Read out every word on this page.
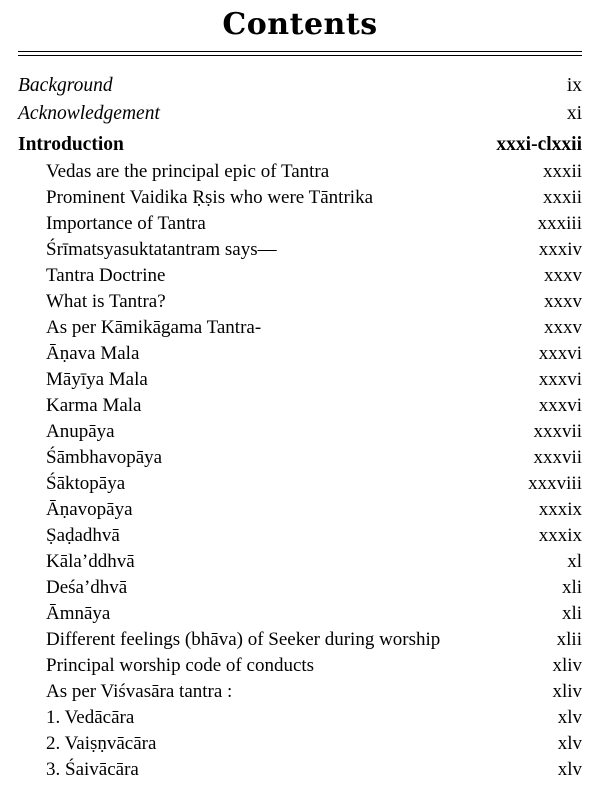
Contents
Background	ix
Acknowledgement	xi
Introduction	xxxi-clxxii
Vedas are the principal epic of Tantra	xxxii
Prominent Vaidika Ṛṣis who were Tāntrika	xxxii
Importance of Tantra	xxxiii
Śrīmatsyasuktatantram says—	xxxiv
Tantra Doctrine	xxxv
What is Tantra?	xxxv
As per Kāmikāgama Tantra-	xxxv
Āṇava Mala	xxxvi
Māyīya Mala	xxxvi
Karma Mala	xxxvi
Anupāya	xxxvii
Śāmbhavopāya	xxxvii
Śāktopāya	xxxviii
Āṇavopāya	xxxix
Ṣaḍadhvā	xxxix
Kāla’ddhvā	xl
Deśa’dhvā	xli
Āmnāya	xli
Different feelings (bhāva) of Seeker during worship	xlii
Principal worship code of conducts	xliv
As per Viśvasāra tantra :	xliv
1. Vedācāra	xlv
2. Vaiṣṇvācāra	xlv
3. Śaivācāra	xlv
